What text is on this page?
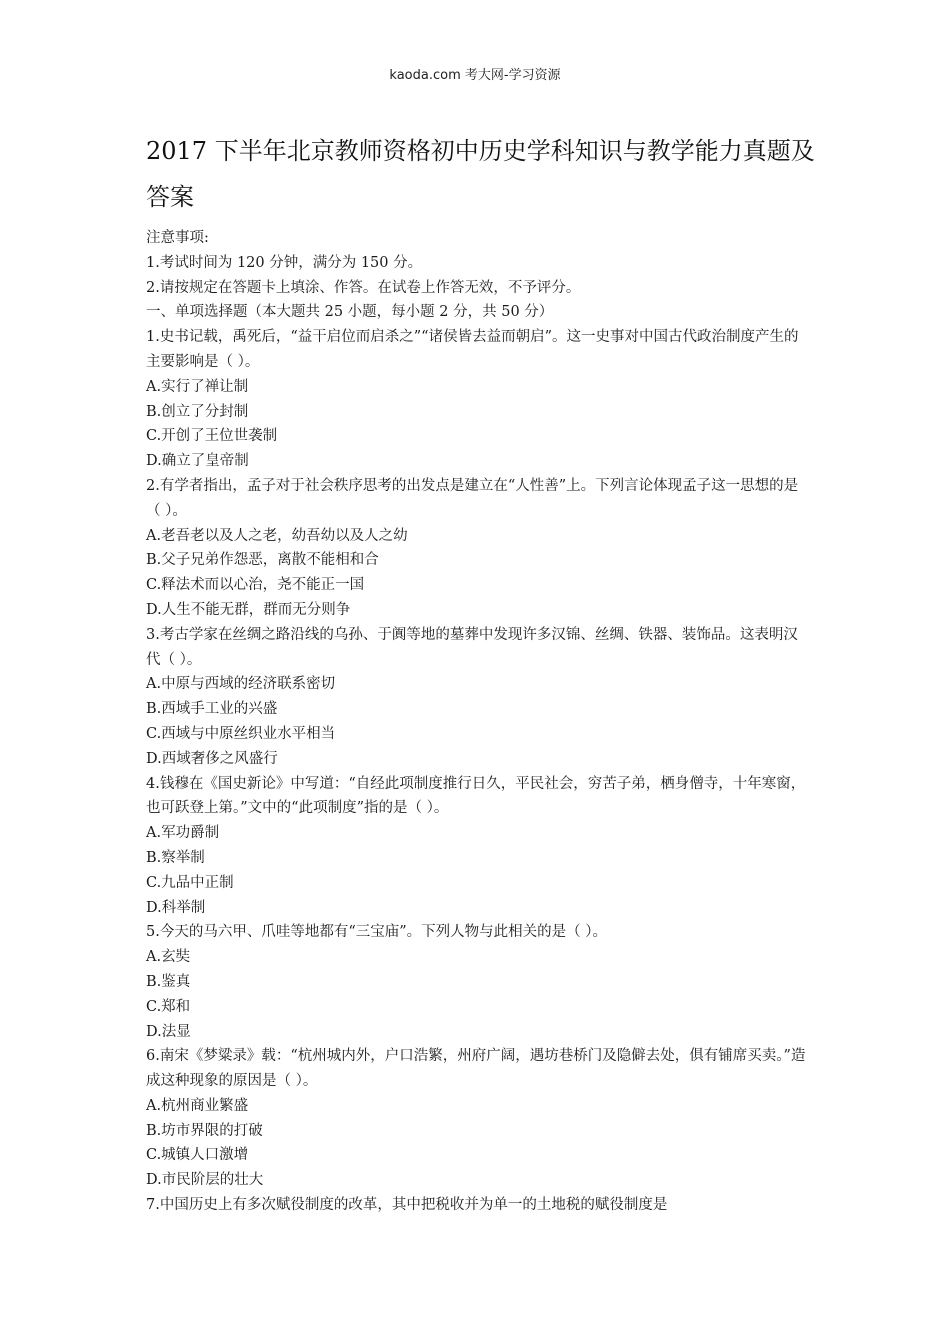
kaoda.com 考大网-学习资源
2017 下半年北京教师资格初中历史学科知识与教学能力真题及答案
注意事项:
1.考试时间为 120 分钟，满分为 150 分。
2.请按规定在答题卡上填涂、作答。在试卷上作答无效，不予评分。
一、单项选择题（本大题共 25 小题，每小题 2 分，共 50 分）
1.史书记载，禹死后，“益干启位而启杀之”“诸侯皆去益而朝启”。这一史事对中国古代政治制度产生的主要影响是（ ）。
A.实行了禅让制
B.创立了分封制
C.开创了王位世袭制
D.确立了皇帝制
2.有学者指出，孟子对于社会秩序思考的出发点是建立在“人性善”上。下列言论体现孟子这一思想的是（ ）。
A.老吾老以及人之老，幼吾幼以及人之幼
B.父子兄弟作怨恶，离散不能相和合
C.释法术而以心治，尧不能正一国
D.人生不能无群，群而无分则争
3.考古学家在丝绸之路沿线的乌孙、于阗等地的墓葬中发现许多汉锦、丝绸、铁器、装饰品。这表明汉代（ ）。
A.中原与西域的经济联系密切
B.西域手工业的兴盛
C.西域与中原丝织业水平相当
D.西域奢侈之风盛行
4.钱穆在《国史新论》中写道：“自经此项制度推行日久，平民社会，穷苦子弟，栖身僧寺，十年寒窗，也可跃登上第。”文中的“此项制度”指的是（ ）。
A.军功爵制
B.察举制
C.九品中正制
D.科举制
5.今天的马六甲、爪哇等地都有“三宝庙”。下列人物与此相关的是（ ）。
A.玄奘
B.鉴真
C.郑和
D.法显
6.南宋《梦粱录》载：“杭州城内外，户口浩繁，州府广阔，遇坊巷桥门及隐僻去处，俱有铺席买卖。”造成这种现象的原因是（ ）。
A.杭州商业繁盛
B.坊市界限的打破
C.城镇人口激增
D.市民阶层的壮大
7.中国历史上有多次赋役制度的改革，其中把税收并为单一的土地税的赋役制度是
